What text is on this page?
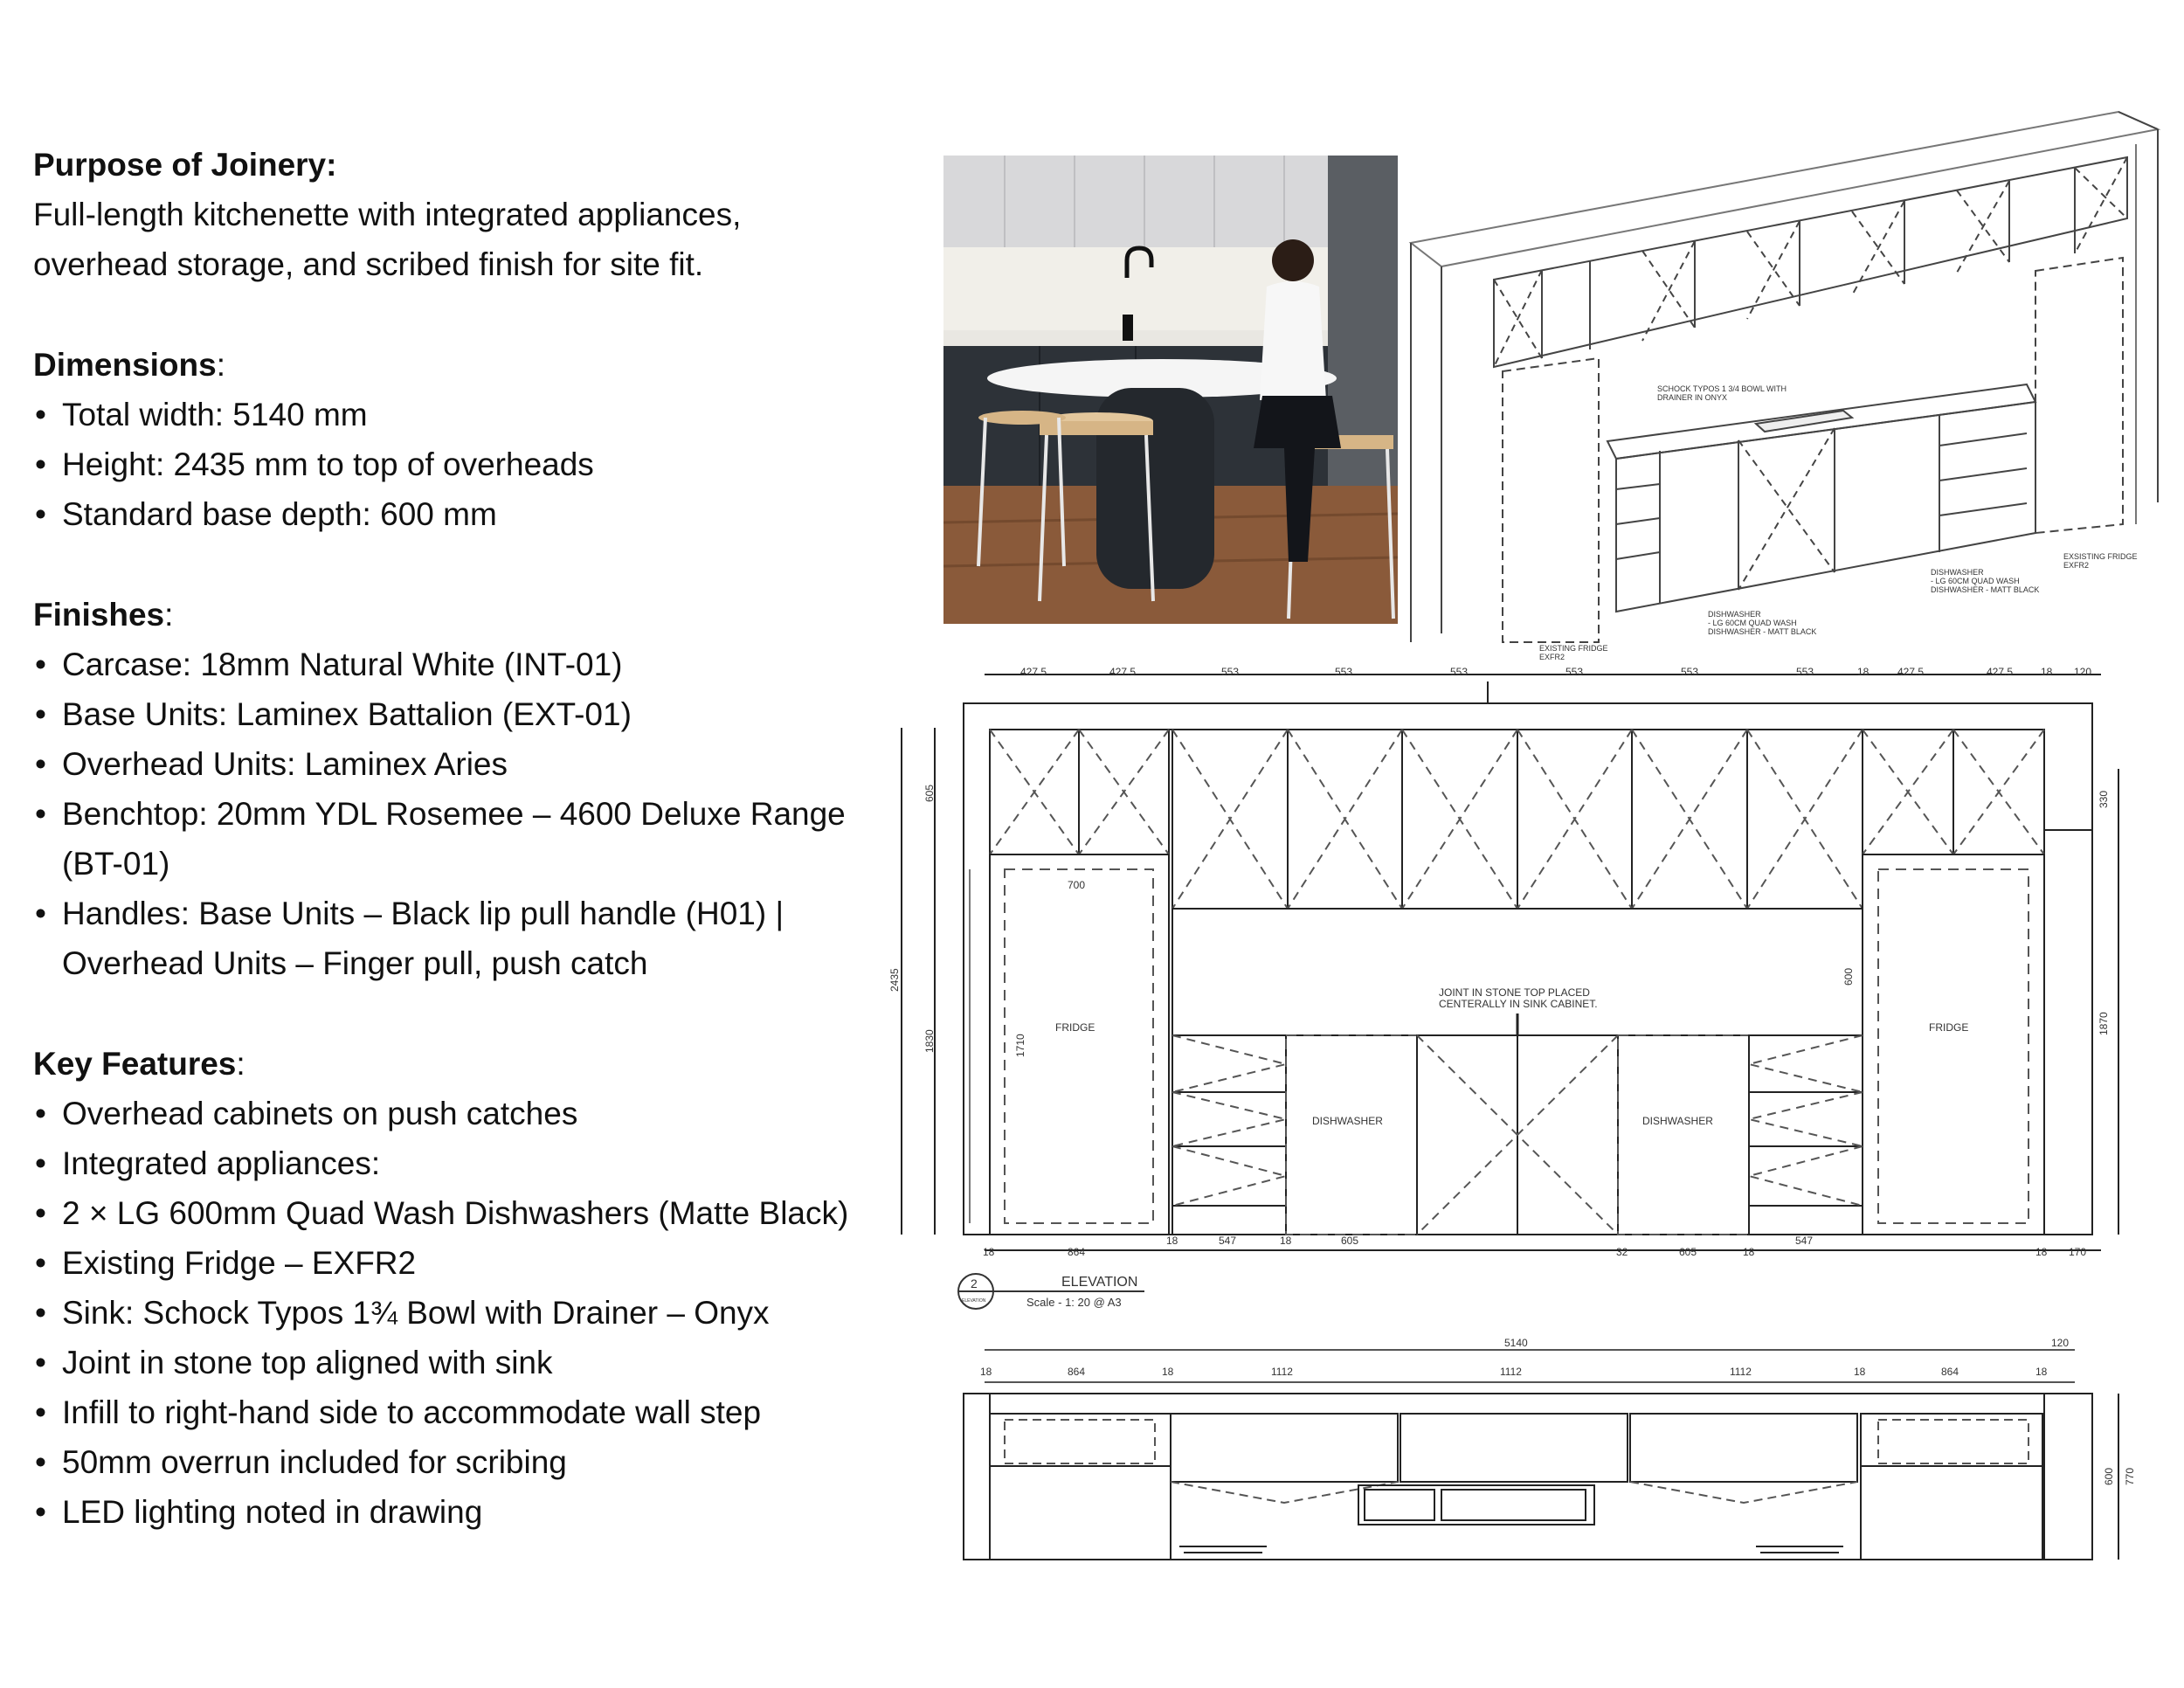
Purpose of Joinery:
Full-length kitchenette with integrated appliances,
overhead storage, and scribed finish for site fit.
Dimensions:
• Total width: 5140 mm
• Height: 2435 mm to top of overheads
• Standard base depth: 600 mm
Finishes:
• Carcase: 18mm Natural White (INT-01)
• Base Units: Laminex Battalion (EXT-01)
• Overhead Units: Laminex Aries
• Benchtop: 20mm YDL Rosemee – 4600 Deluxe Range (BT-01)
• Handles: Base Units – Black lip pull handle (H01) | Overhead Units – Finger pull, push catch
Key Features:
• Overhead cabinets on push catches
• Integrated appliances:
• 2 × LG 600mm Quad Wash Dishwashers (Matte Black)
• Existing Fridge – EXFR2
• Sink: Schock Typos 1¾ Bowl with Drainer – Onyx
• Joint in stone top aligned with sink
• Infill to right-hand side to accommodate wall step
• 50mm overrun included for scribing
• LED lighting noted in drawing
SCHOCK TYPOS 1 3/4 BOWL WITH
DRAINER IN ONYX
DISHWASHER
- LG 60CM QUAD WASH
DISHWASHER - MATT BLACK
DISHWASHER
- LG 60CM QUAD WASH
DISHWASHER - MATT BLACK
EXISTING FRIDGE
EXFR2
EXSISTING FRIDGE
EXFR2
427.5	427.5	553	553	553	553	553	553	18	427.5	427.5	18 120
2435
605
1830
330
1870
700
1710
600
FRIDGE	FRIDGE
DISHWASHER	DISHWASHER
JOINT IN STONE TOP PLACED
CENTERALLY IN SINK CABINET.
18	864
18	547	18	605
32	605	18
547
18 170
2
ELEVATION
ELEVATION
Scale - 1: 20 @ A3
5140	120
18	864	18	1112	1112	1112	18	864	18
600 770
